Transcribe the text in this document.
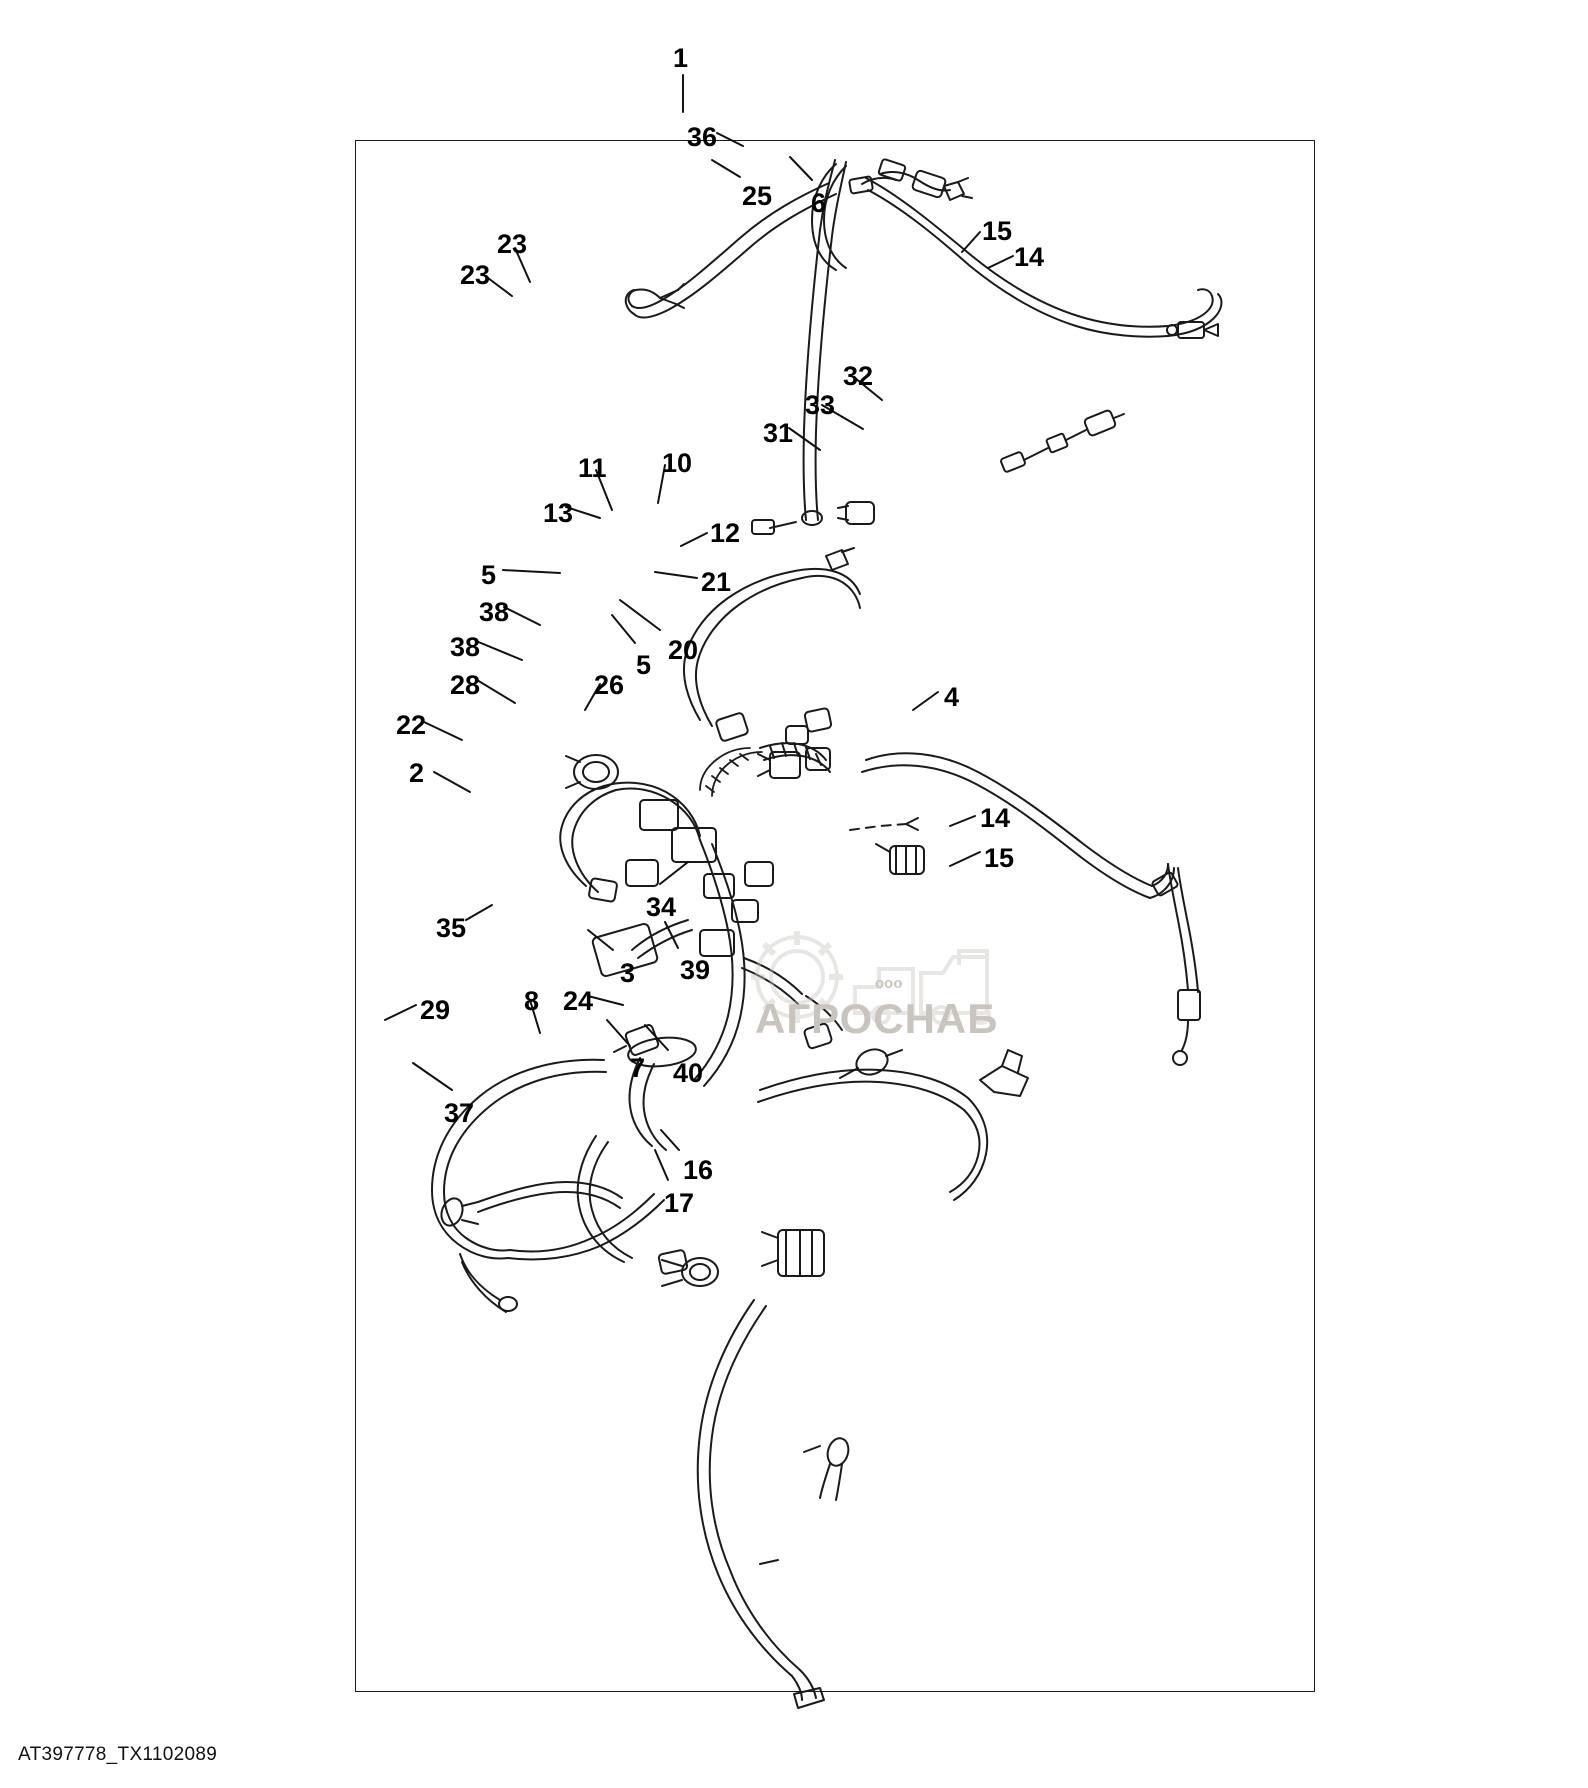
ооо
АГРОСНАБ
1
36
25 6
15
14
23
23
32
33
31
11 10
13
12
5	21
38
38	20
5
28	26	4
22
2
14
15
34
35
3 39
29	8 24
7 40
37
16
17
AT397778_TX1102089
